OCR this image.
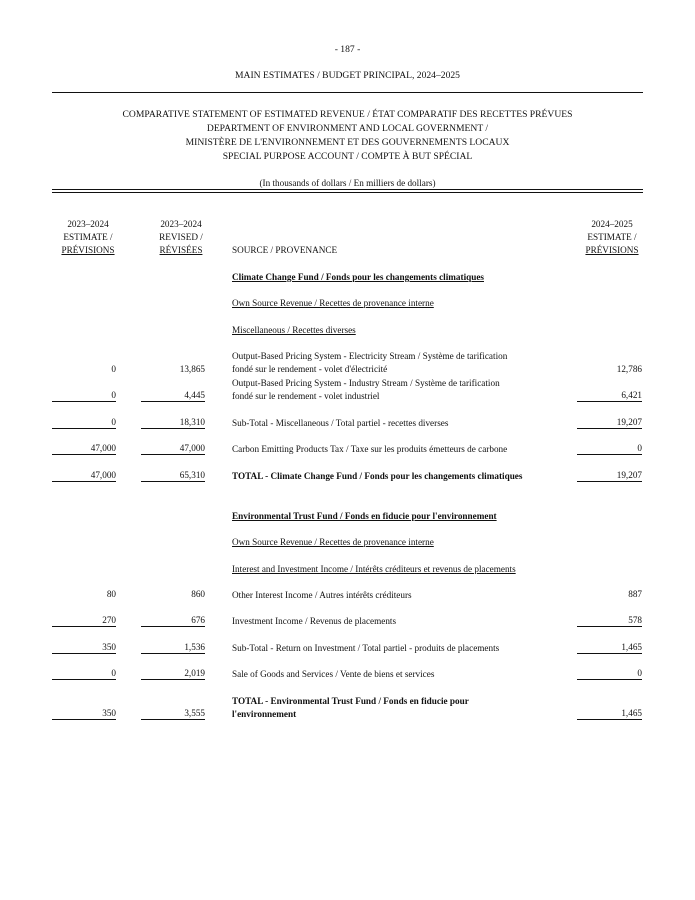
- 187 -
MAIN ESTIMATES / BUDGET PRINCIPAL, 2024–2025
COMPARATIVE STATEMENT OF ESTIMATED REVENUE / ÉTAT COMPARATIF DES RECETTES PRÉVUES
DEPARTMENT OF ENVIRONMENT AND LOCAL GOVERNMENT /
MINISTÈRE DE L'ENVIRONNEMENT ET DES GOUVERNEMENTS LOCAUX
SPECIAL PURPOSE ACCOUNT / COMPTE À BUT SPÉCIAL
(In thousands of dollars / En milliers de dollars)
2023–2024
ESTIMATE /
PRÉVISIONS
2023–2024
REVISED /
RÉVISÉES	SOURCE / PROVENANCE
2024–2025
ESTIMATE /
PRÉVISIONS
Climate Change Fund / Fonds pour les changements climatiques
Own Source Revenue / Recettes de provenance interne
Miscellaneous / Recettes diverses
Output-Based Pricing System - Electricity Stream / Système de tarification
fondé sur le rendement - volet d'électricité
0	13,865	12,786
Output-Based Pricing System - Industry Stream / Système de tarification
fondé sur le rendement - volet industriel
0	4,445	6,421
Sub-Total - Miscellaneous / Total partiel - recettes diverses
0	18,310	19,207
Carbon Emitting Products Tax / Taxe sur les produits émetteurs de carbone
47,000	47,000	0
TOTAL - Climate Change Fund / Fonds pour les changements climatiques
47,000	65,310	19,207
Environmental Trust Fund / Fonds en fiducie pour l'environnement
Own Source Revenue / Recettes de provenance interne
Interest and Investment Income / Intérêts créditeurs et revenus de placements
Other Interest Income / Autres intérêts créditeurs
80	860	887
Investment Income / Revenus de placements
270	676	578
Sub-Total - Return on Investment / Total partiel - produits de placements
350	1,536	1,465
Sale of Goods and Services / Vente de biens et services
0	2,019	0
TOTAL - Environmental Trust Fund / Fonds en fiducie pour
l'environnement
350	3,555	1,465
